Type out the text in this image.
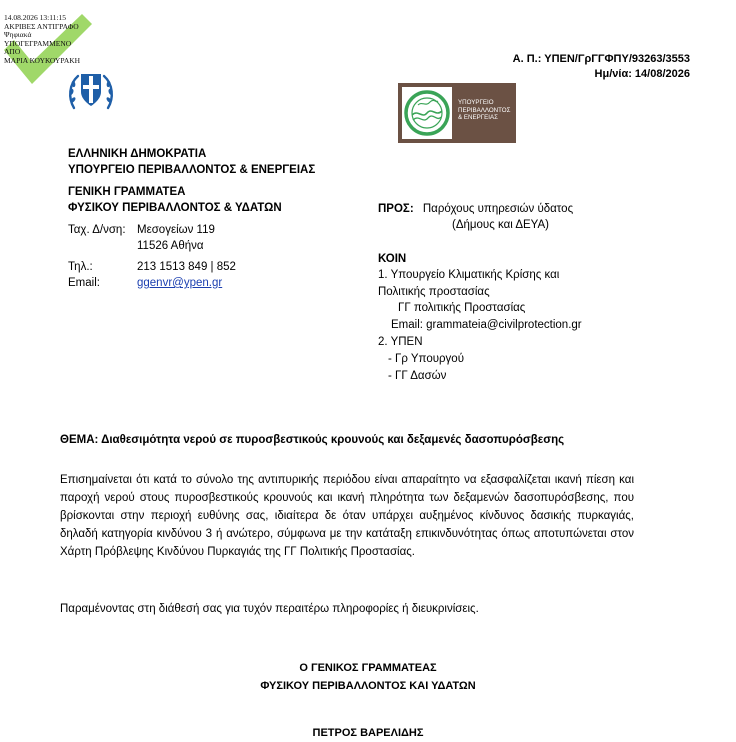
14.08.2026 13:11:15
ΑΚΡΙΒΕΣ ΑΝΤΙΓΡΑΦΟ
Ψηφιακά
ΥΠΟΓΕΓΡΑΜΜΕΝΟ
ΑΠΟ
ΜΑΡΙΑ ΚΟΥΚΟΥΡΑΚΗ	Α. Π.: ΥΠΕΝ/ΓρΓΓΦΠΥ/93263/3553
Ημ/νία: 14/08/2026
ΥΠΟΥΡΓΕΙΟ
ΠΕΡΙΒΑΛΛΟΝΤΟΣ
& ΕΝΕΡΓΕΙΑΣ
ΕΛΛΗΝΙΚΗ ΔΗΜΟΚΡΑΤΙΑ
ΥΠΟΥΡΓΕΙΟ ΠΕΡΙΒΑΛΛΟΝΤΟΣ & ΕΝΕΡΓΕΙΑΣ
ΓΕΝΙΚΗ ΓΡΑΜΜΑΤΕΑ
ΦΥΣΙΚΟΥ ΠΕΡΙΒΑΛΛΟΝΤΟΣ & ΥΔΑΤΩΝ
Ταχ. Δ/νση: Μεσογείων 119
11526 Αθήνα
Τηλ.:	213 1513 849 | 852
Email:	ggenvr@ypen.gr
ΠΡΟΣ: Παρόχους υπηρεσιών ύδατος
(Δήμους και ΔΕΥΑ)
ΚΟΙΝ
1. Υπουργείο Κλιματικής Κρίσης και
Πολιτικής προστασίας
ΓΓ πολιτικής Προστασίας
Email: grammateia@civilprotection.gr
2. ΥΠΕΝ
- Γρ Υπουργού
- ΓΓ Δασών
ΘΕΜΑ: Διαθεσιμότητα νερού σε πυροσβεστικούς κρουνούς και δεξαμενές δασοπυρόσβεσης
Επισημαίνεται ότι κατά το σύνολο της αντιπυρικής περιόδου είναι απαραίτητο να εξασφαλίζεται ικανή πίεση και παροχή νερού στους πυροσβεστικούς κρουνούς και ικανή πληρότητα των δεξαμενών δασοπυρόσβεσης, που βρίσκονται στην περιοχή ευθύνης σας, ιδιαίτερα δε όταν υπάρχει αυξημένος κίνδυνος δασικής πυρκαγιάς, δηλαδή κατηγορία κινδύνου 3 ή ανώτερο, σύμφωνα με την κατάταξη επικινδυνότητας όπως αποτυπώνεται στον Χάρτη Πρόβλεψης Κινδύνου Πυρκαγιάς της ΓΓ Πολιτικής Προστασίας.
Παραμένοντας στη διάθεσή σας για τυχόν περαιτέρω πληροφορίες ή διευκρινίσεις.
Ο ΓΕΝΙΚΟΣ ΓΡΑΜΜΑΤΕΑΣ
ΦΥΣΙΚΟΥ ΠΕΡΙΒΑΛΛΟΝΤΟΣ ΚΑΙ ΥΔΑΤΩΝ
ΠΕΤΡΟΣ ΒΑΡΕΛΙΔΗΣ
